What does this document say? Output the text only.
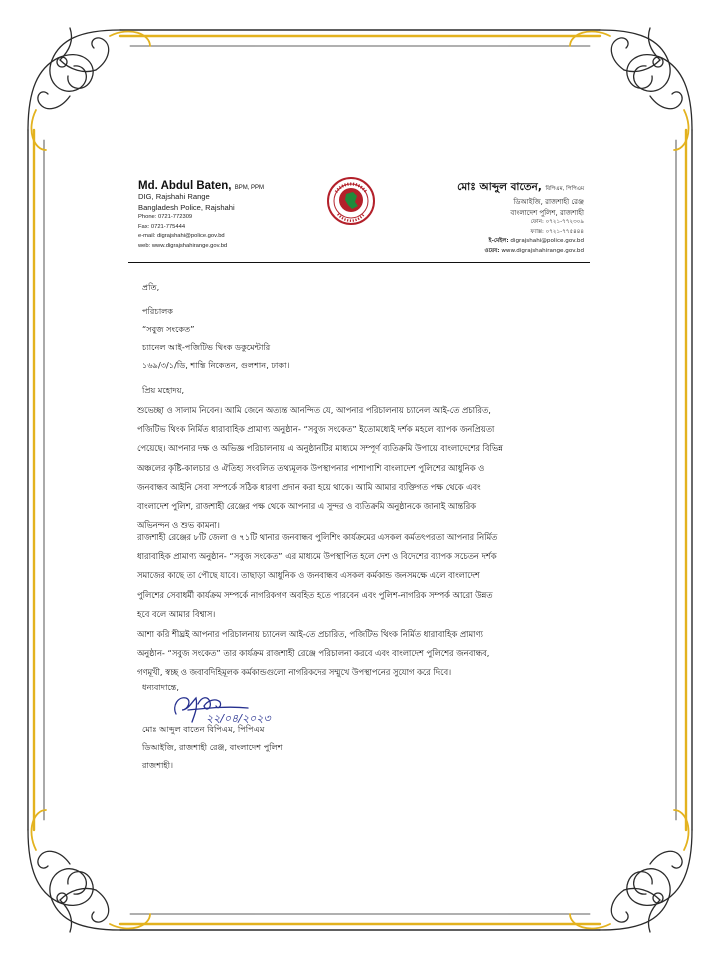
Md. Abdul Baten, BPM, PPM
DIG, Rajshahi Range
Bangladesh Police, Rajshahi
Phone: 0721-772309
Fax: 0721-775444
e-mail: digrajshahi@police.gov.bd
web: www.digrajshahirange.gov.bd
মোঃ আব্দুল বাতেন, বিপিএম, পিপিএম
ডিআইজি, রাজশাহী রেঞ্জ
বাংলাদেশ পুলিশ, রাজশাহী
ফোন: ০৭২১-৭৭২৩০৯
ফ্যাক্স: ০৭২১-৭৭৫৪৪৪
ই-মেইল: digrajshahi@police.gov.bd
ওয়েব: www.digrajshahirange.gov.bd
প্রতি,
পরিচালক
“সবুজ সংকেত”
চ্যানেল আই-পজিটিভ থিংক ডকুমেন্টারি
১৬৯/৩/১/ডি, শান্তি নিকেতন, গুলশান, ঢাকা।
প্রিয় মহোদয়,
শুভেচ্ছা ও সালাম নিবেন। আমি জেনে অত্যন্ত আনন্দিত যে, আপনার পরিচালনায় চ্যানেল আই-তে প্রচারিত,
পজিটিভ থিংক নির্মিত ধারাবাহিক প্রামাণ্য অনুষ্ঠান- “সবুজ সংকেত” ইতোমধ্যেই দর্শক মহলে ব্যাপক জনপ্রিয়তা
পেয়েছে। আপনার দক্ষ ও অভিজ্ঞ পরিচালনায় এ অনুষ্ঠানটির মাধ্যমে সম্পূর্ণ ব্যতিক্রমি উপায়ে বাংলাদেশের বিভিন্ন
অঞ্চলের কৃষ্টি-কালচার ও ঐতিহ্য সংবলিত তথ্যমূলক উপস্থাপনার পাশাপাশি বাংলাদেশ পুলিশের আধুনিক ও
জনবান্ধব আইনি সেবা সম্পর্কে সঠিক ধারণা প্রদান করা হয়ে থাকে। আমি আমার ব্যক্তিগত পক্ষ থেকে এবং
বাংলাদেশ পুলিশ, রাজশাহী রেঞ্জের পক্ষ থেকে আপনার এ সুন্দর ও ব্যতিক্রমি অনুষ্ঠানকে জানাই আন্তরিক
অভিনন্দন ও শুভ কামনা।
রাজশাহী রেঞ্জের ৮টি জেলা ও ৭১টি থানার জনবান্ধব পুলিশিং কার্যক্রমের এসকল কর্মতৎপরতা আপনার নির্মিত
ধারাবাহিক প্রামাণ্য অনুষ্ঠান- “সবুজ সংকেত” এর মাধ্যমে উপস্থাপিত হলে দেশ ও বিদেশের ব্যাপক সচেতন দর্শক
সমাজের কাছে তা পৌছে যাবে। তাছাড়া আধুনিক ও জনবান্ধব এসকল কর্মকান্ড জনসমক্ষে এলে বাংলাদেশ
পুলিশের সেবাধর্মী কার্যক্রম সম্পর্কে নাগরিকগণ অবহিত হতে পারবেন এবং পুলিশ-নাগরিক সম্পর্ক আরো উন্নত
হবে বলে আমার বিশ্বাস।
আশা করি শীঘ্রই আপনার পরিচালনায় চ্যানেল আই-তে প্রচারিত, পজিটিভ থিংক নির্মিত ধারাবাহিক প্রামাণ্য
অনুষ্ঠান- “সবুজ সংকেত” তার কার্যক্রম রাজশাহী রেঞ্জে পরিচালনা করবে এবং বাংলাদেশ পুলিশের জনবান্ধব,
গণমূখী, স্বচ্ছ ও জবাবদিহিমূলক কর্মকান্ডগুলো নাগরিকদের সম্মুখে উপস্থাপনের সুযোগ করে দিবে।
ধন্যবাদান্তে,
২২/০৪/২০২৩
মোঃ আব্দুল বাতেন বিপিএম, পিপিএম
ডিআইজি, রাজশাহী রেঞ্জ, বাংলাদেশ পুলিশ
রাজশাহী।
